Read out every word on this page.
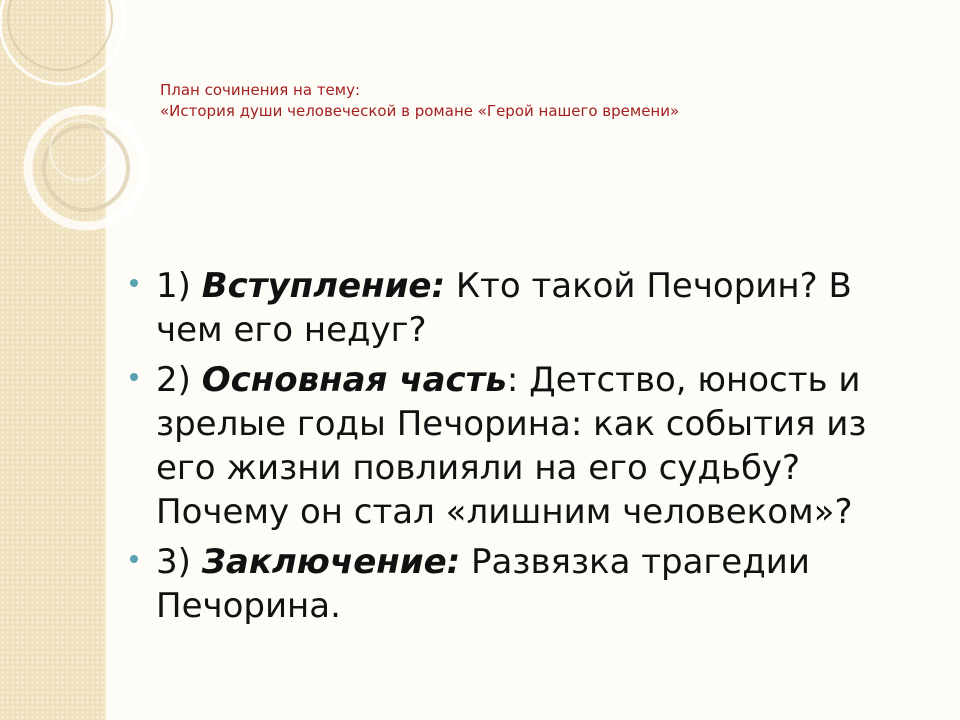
План сочинения на тему:
«История души человеческой в романе «Герой нашего времени»
1) Вступление: Кто такой Печорин? В чем его недуг?
2) Основная часть: Детство, юность и зрелые годы Печорина: как события из его жизни повлияли на его судьбу? Почему он стал «лишним человеком»?
3) Заключение: Развязка трагедии Печорина.
